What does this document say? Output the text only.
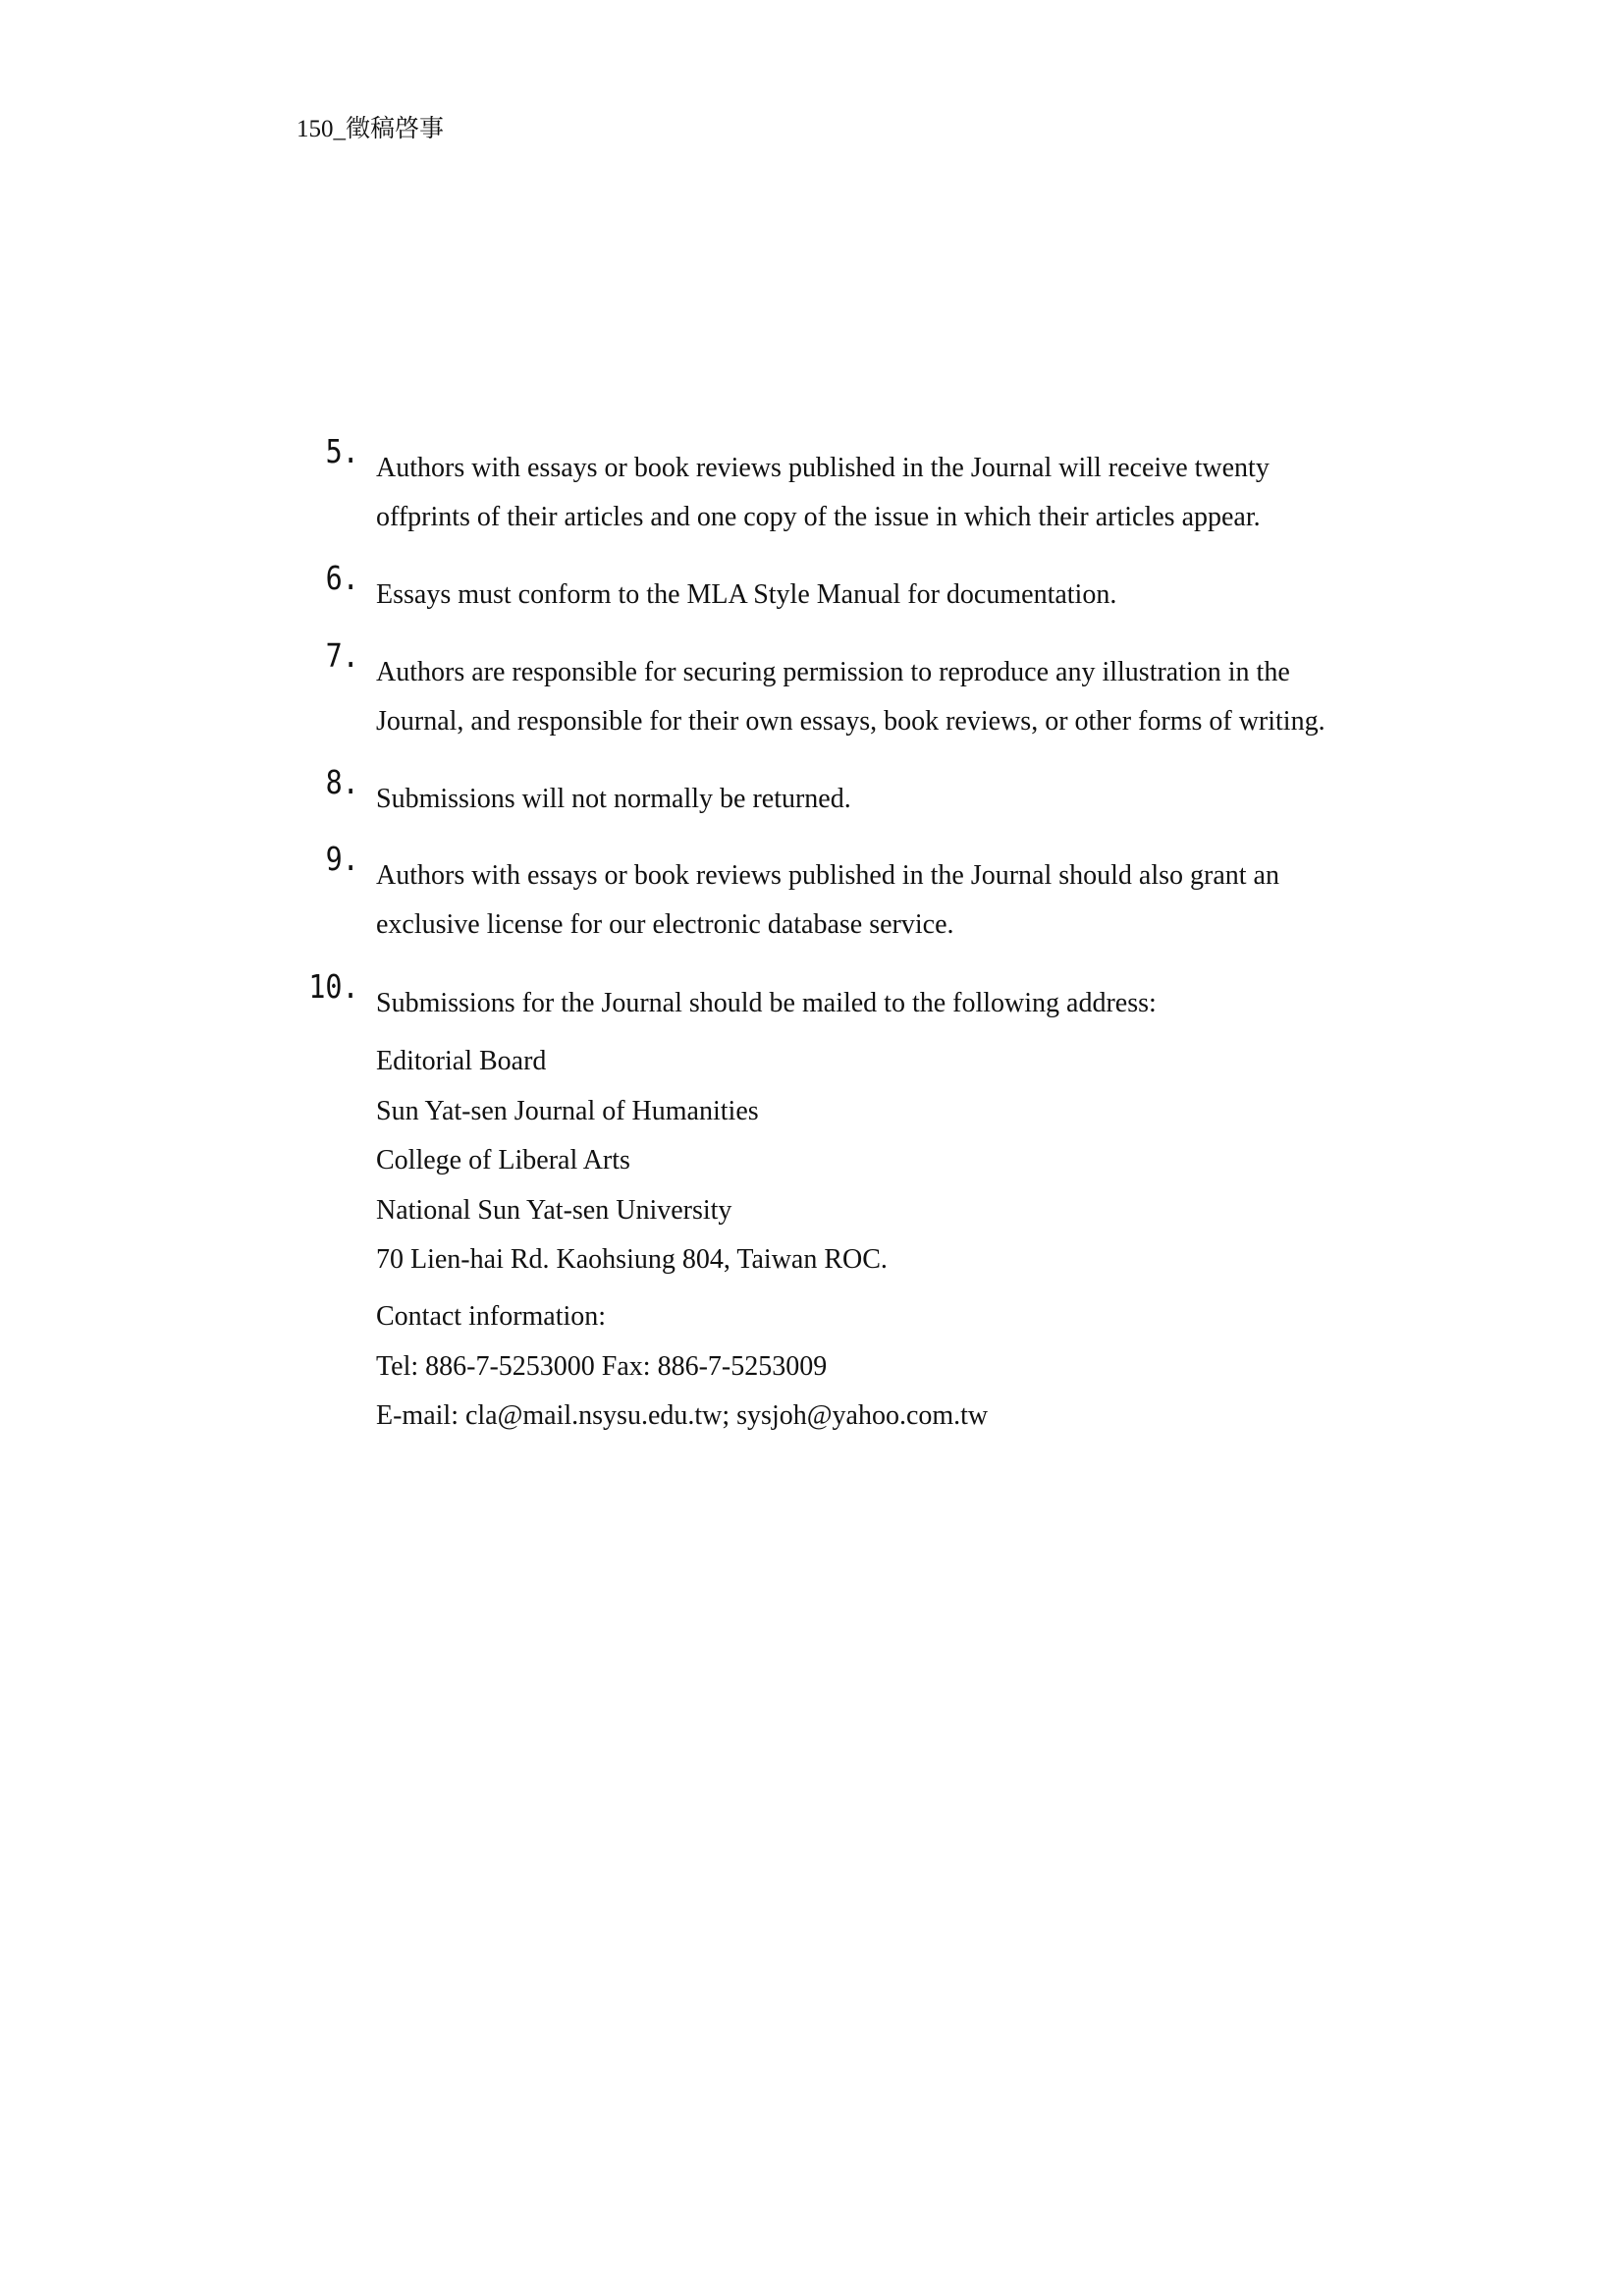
150_徵稿啓事
5. Authors with essays or book reviews published in the Journal will receive twenty

offprints of their articles and one copy of the issue in which their articles appear.

6. Essays must conform to the MLA Style Manual for documentation.

7. Authors are responsible for securing permission to reproduce any illustration in the

Journal, and responsible for their own essays, book reviews, or other forms of writing.

8. Submissions will not normally be returned.

9. Authors with essays or book reviews published in the Journal should also grant an

exclusive license for our electronic database service.

10. Submissions for the Journal should be mailed to the following address:

Editorial Board

Sun Yat-sen Journal of Humanities

College of Liberal Arts

National Sun Yat-sen University

70 Lien-hai Rd. Kaohsiung 804, Taiwan ROC.

Contact information:

Tel: 886-7-5253000 Fax: 886-7-5253009

E-mail: cla@mail.nsysu.edu.tw; sysjoh@yahoo.com.tw
